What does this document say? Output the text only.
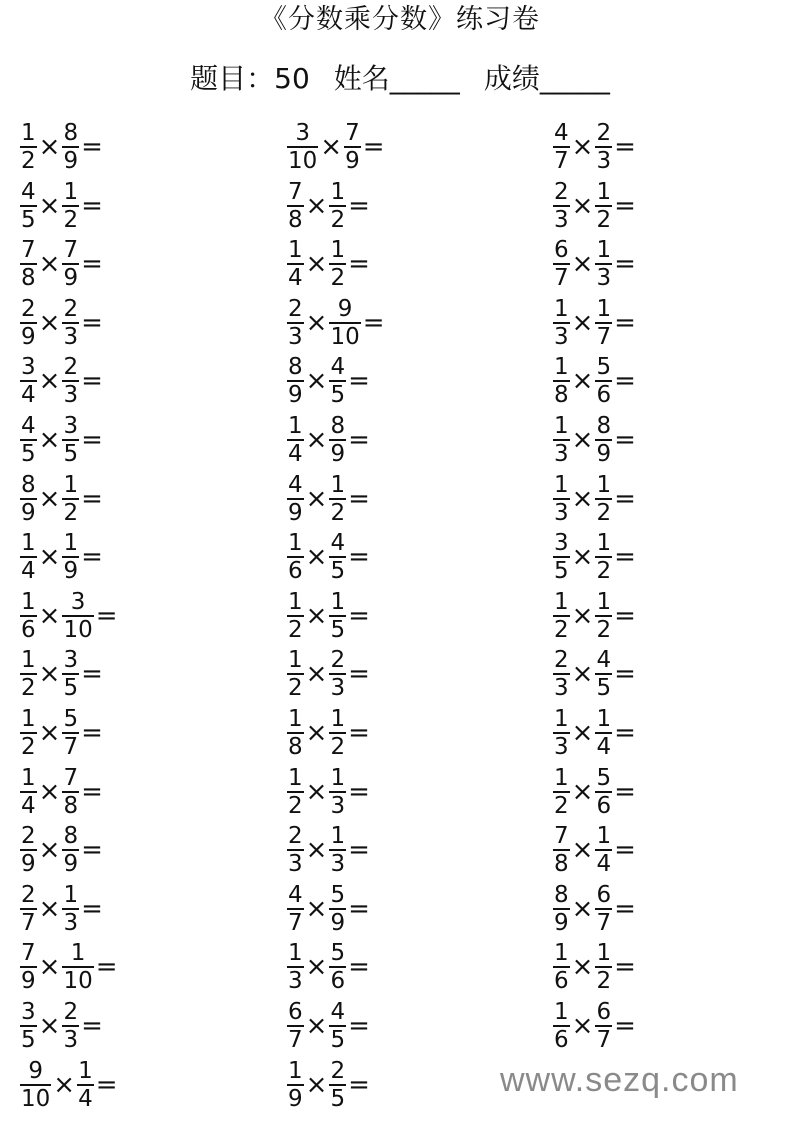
《分数乘分数》练习卷
题目：50 姓名_____ 成绩_____
$\frac{1}{2} \times \frac{8}{9}$ =
$\frac{4}{5} \times \frac{1}{2}$ =
$\frac{7}{8} \times \frac{7}{9}$ =
$\frac{2}{9} \times \frac{2}{3}$ =
$\frac{3}{4} \times \frac{2}{3}$ =
$\frac{4}{5} \times \frac{3}{5}$ =
$\frac{8}{9} \times \frac{1}{2}$ =
$\frac{1}{4} \times \frac{1}{9}$ =
$\frac{1}{6} \times \frac{3}{10}$ =
$\frac{1}{2} \times \frac{3}{5}$ =
$\frac{1}{2} \times \frac{5}{7}$ =
$\frac{1}{4} \times \frac{7}{8}$ =
$\frac{2}{9} \times \frac{8}{9}$ =
$\frac{2}{7} \times \frac{1}{3}$ =
$\frac{7}{9} \times \frac{1}{10}$ =
$\frac{3}{5} \times \frac{2}{3}$ =
$\frac{9}{10} \times \frac{1}{4}$ =
$\frac{3}{10} \times \frac{7}{9}$ =
$\frac{7}{8} \times \frac{1}{2}$ =
$\frac{1}{4} \times \frac{1}{2}$ =
$\frac{2}{3} \times \frac{9}{10}$ =
$\frac{8}{9} \times \frac{4}{5}$ =
$\frac{1}{4} \times \frac{8}{9}$ =
$\frac{4}{9} \times \frac{1}{2}$ =
$\frac{1}{6} \times \frac{4}{5}$ =
$\frac{1}{2} \times \frac{1}{5}$ =
$\frac{1}{2} \times \frac{2}{3}$ =
$\frac{1}{8} \times \frac{1}{2}$ =
$\frac{1}{2} \times \frac{1}{3}$ =
$\frac{2}{3} \times \frac{1}{3}$ =
$\frac{4}{7} \times \frac{5}{9}$ =
$\frac{1}{3} \times \frac{5}{6}$ =
$\frac{6}{7} \times \frac{4}{5}$ =
$\frac{1}{9} \times \frac{2}{5}$ =
$\frac{4}{7} \times \frac{2}{3}$ =
$\frac{2}{3} \times \frac{1}{2}$ =
$\frac{6}{7} \times \frac{1}{3}$ =
$\frac{1}{3} \times \frac{1}{7}$ =
$\frac{1}{8} \times \frac{5}{6}$ =
$\frac{1}{3} \times \frac{8}{9}$ =
$\frac{1}{3} \times \frac{1}{2}$ =
$\frac{3}{5} \times \frac{1}{2}$ =
$\frac{1}{2} \times \frac{1}{2}$ =
$\frac{2}{3} \times \frac{4}{5}$ =
$\frac{1}{3} \times \frac{1}{4}$ =
$\frac{1}{2} \times \frac{5}{6}$ =
$\frac{7}{8} \times \frac{1}{4}$ =
$\frac{8}{9} \times \frac{6}{7}$ =
$\frac{1}{6} \times \frac{1}{2}$ =
$\frac{1}{6} \times \frac{6}{7}$ =
www.sezq.com
